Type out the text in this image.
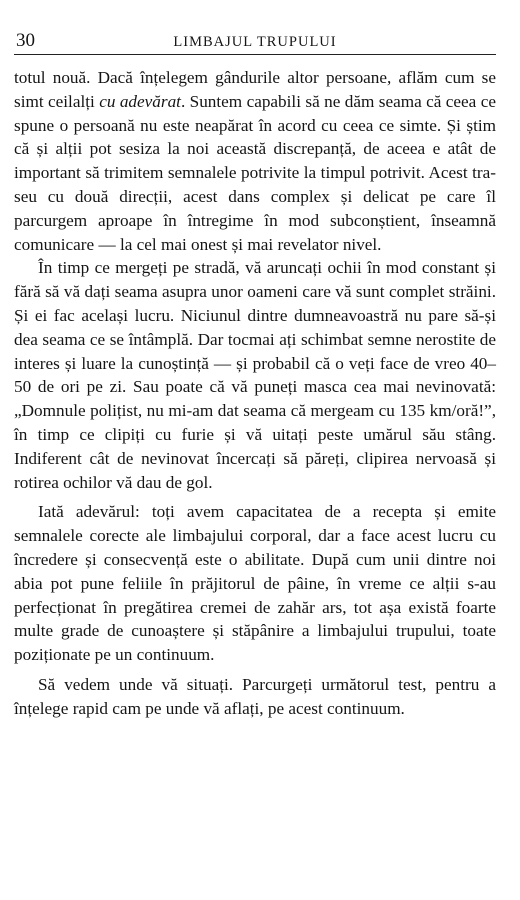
30	LIMBAJUL TRUPULUI

totul nouă. Dacă înțelegem gândurile altor persoane, aflăm cum se simt ceilalți cu adevărat. Suntem capabili să ne dăm seama că ceea ce spune o persoană nu este neapărat în acord cu ceea ce simte. Și știm că și alții pot sesiza la noi această discrepanță, de aceea e atât de important să trimitem semnalele potrivite la timpul potrivit. Acest traseu cu două direcții, acest dans complex și delicat pe care îl parcurgem aproape în întregime în mod subconștient, înseamnă comunicare — la cel mai onest și mai revelator nivel.

În timp ce mergeți pe stradă, vă aruncați ochii în mod constant și fără să vă dați seama asupra unor oameni care vă sunt complet străini. Și ei fac același lucru. Niciunul dintre dumneavoastră nu pare să-și dea seama ce se întâmplă. Dar tocmai ați schimbat semne nerostite de interes și luare la cunoștință — și probabil că o veți face de vreo 40–50 de ori pe zi. Sau poate că vă puneți masca cea mai nevinovată: „Domnule polițist, nu mi-am dat seama că mergeam cu 135 km/oră!”, în timp ce clipiți cu furie și vă uitați peste umărul său stâng. Indiferent cât de nevinovat încercați să păreți, clipirea nervoasă și rotirea ochilor vă dau de gol.

Iată adevărul: toți avem capacitatea de a recepta și emite semnalele corecte ale limbajului corporal, dar a face acest lucru cu încredere și consecvență este o abilitate. După cum unii dintre noi abia pot pune feliile în prăjitorul de pâine, în vreme ce alții s-au perfecționat în pregătirea cremei de zahăr ars, tot așa există foarte multe grade de cunoaștere și stăpânire a limbajului trupului, toate poziționate pe un continuum.

Să vedem unde vă situați. Parcurgeți următorul test, pentru a înțelege rapid cam pe unde vă aflați, pe acest continuum.
